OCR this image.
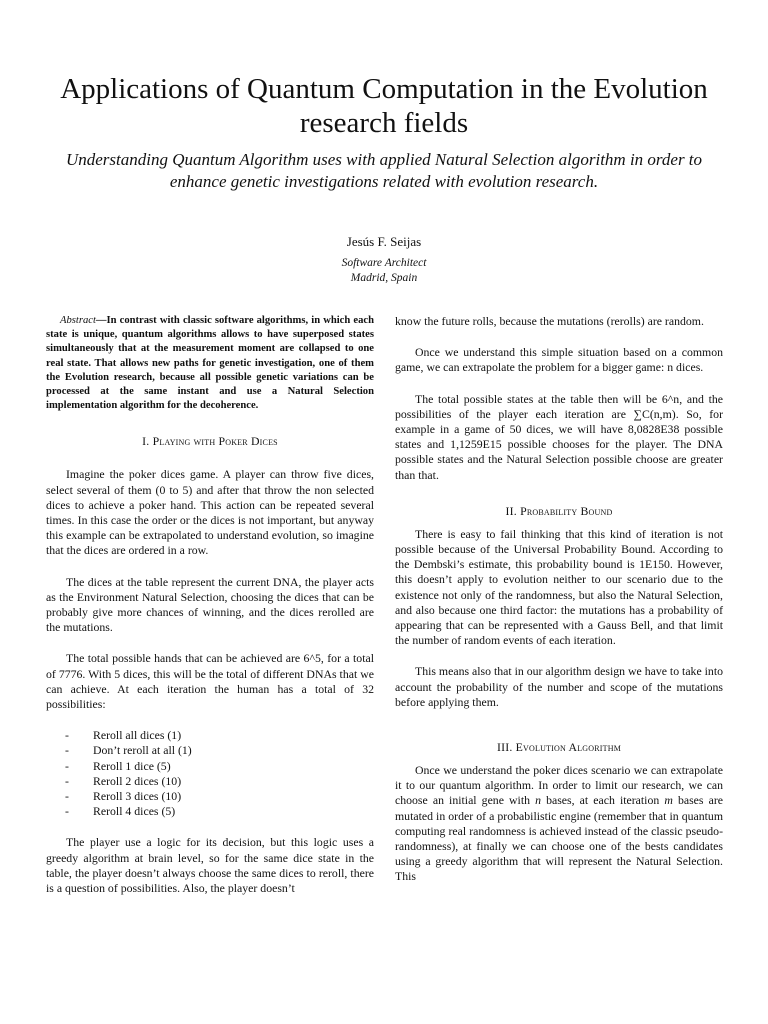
Applications of Quantum Computation in the Evolution research fields

Understanding Quantum Algorithm uses with applied Natural Selection algorithm in order to enhance genetic investigations related with evolution research.

Jesús F. Seijas
Software Architect
Madrid, Spain

Abstract—In contrast with classic software algorithms, in which each state is unique, quantum algorithms allows to have superposed states simultaneously that at the measurement moment are collapsed to one real state. That allows new paths for genetic investigation, one of them the Evolution research, because all possible genetic variations can be processed at the same instant and use a Natural Selection implementation algorithm for the decoherence.

I. Playing with Poker Dices

Imagine the poker dices game. A player can throw five dices, select several of them (0 to 5) and after that throw the non selected dices to achieve a poker hand. This action can be repeated several times. In this case the order or the dices is not important, but anyway this example can be extrapolated to understand evolution, so imagine that the dices are ordered in a row.

The dices at the table represent the current DNA, the player acts as the Environment Natural Selection, choosing the dices that can be probably give more chances of winning, and the dices rerolled are the mutations.

The total possible hands that can be achieved are 6^5, for a total of 7776. With 5 dices, this will be the total of different DNAs that we can achieve. At each iteration the human has a total of 32 possibilities:

- Reroll all dices (1)
- Don’t reroll at all (1)
- Reroll 1 dice (5)
- Reroll 2 dices (10)
- Reroll 3 dices (10)
- Reroll 4 dices (5)

The player use a logic for its decision, but this logic uses a greedy algorithm at brain level, so for the same dice state in the table, the player doesn’t always choose the same dices to reroll, there is a question of possibilities. Also, the player doesn’t

know the future rolls, because the mutations (rerolls) are random.

Once we understand this simple situation based on a common game, we can extrapolate the problem for a bigger game: n dices.

The total possible states at the table then will be 6^n, and the possibilities of the player each iteration are ∑C(n,m). So, for example in a game of 50 dices, we will have 8,0828E38 possible states and 1,1259E15 possible chooses for the player. The DNA possible states and the Natural Selection possible choose are greater than that.

II. Probability Bound

There is easy to fail thinking that this kind of iteration is not possible because of the Universal Probability Bound. According to the Dembski’s estimate, this probability bound is 1E150. However, this doesn’t apply to evolution neither to our scenario due to the existence not only of the randomness, but also the Natural Selection, and also because one third factor: the mutations has a probability of appearing that can be represented with a Gauss Bell, and that limit the number of random events of each iteration.

This means also that in our algorithm design we have to take into account the probability of the number and scope of the mutations before applying them.

III. Evolution Algorithm

Once we understand the poker dices scenario we can extrapolate it to our quantum algorithm. In order to limit our research, we can choose an initial gene with n bases, at each iteration m bases are mutated in order of a probabilistic engine (remember that in quantum computing real randomness is achieved instead of the classic pseudo-randomness), at finally we can choose one of the bests candidates using a greedy algorithm that will represent the Natural Selection. This
